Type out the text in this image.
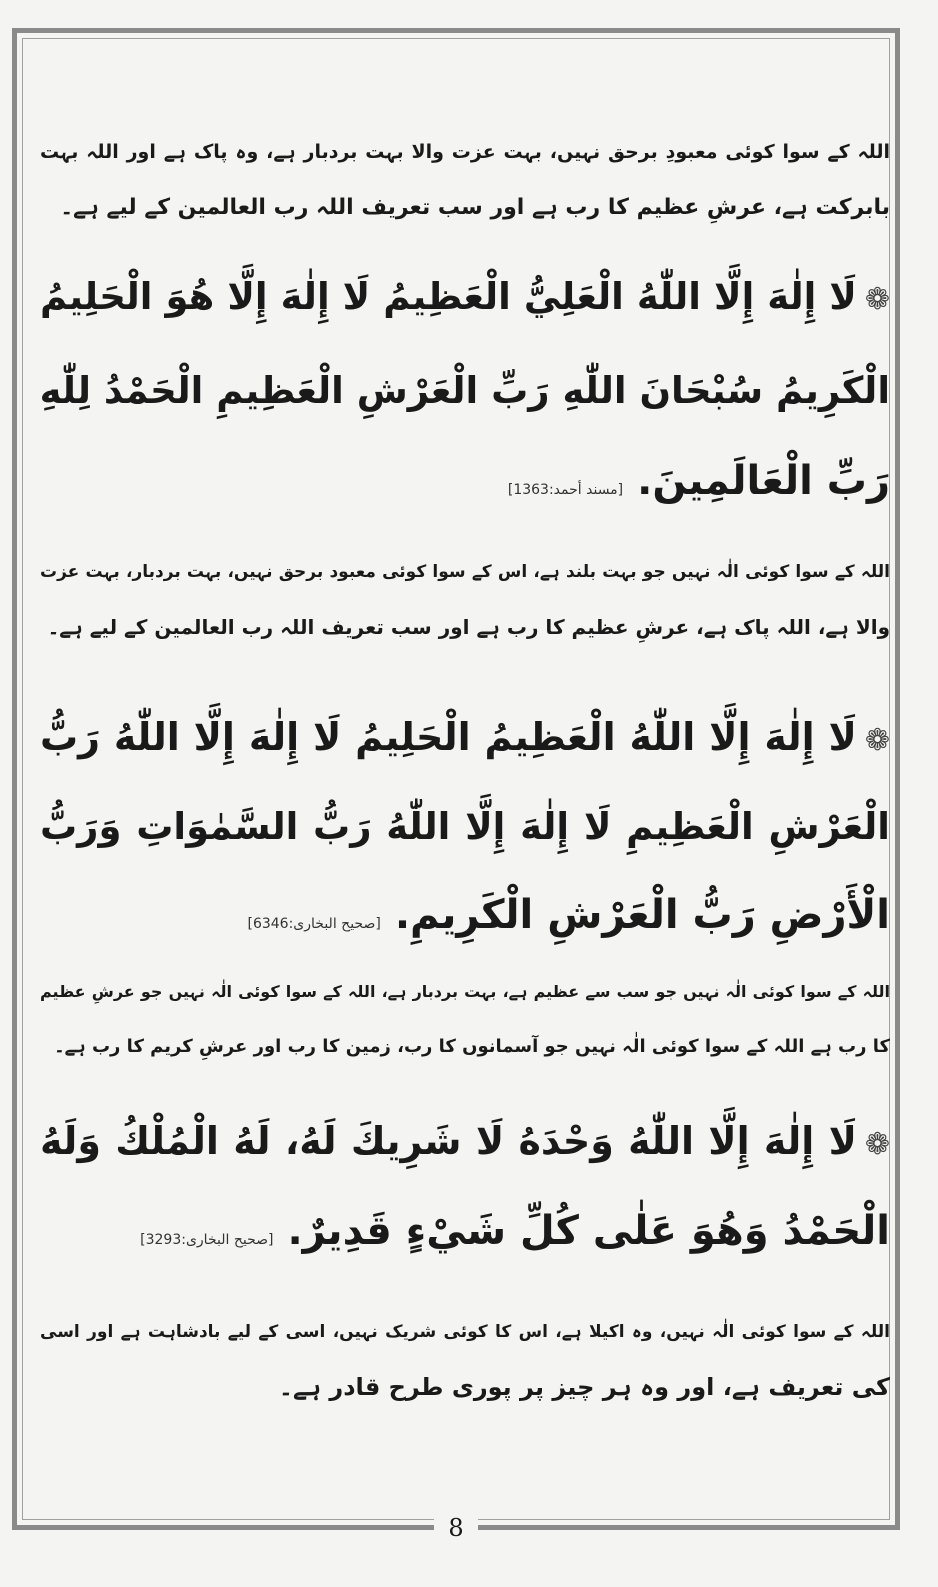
اللہ کے سوا کوئی معبودِ برحق نہیں، بہت عزت والا بہت بردبار ہے، وہ پاک ہے اور اللہ بہت
بابرکت ہے، عرشِ عظیم کا رب ہے اور سب تعریف اللہ رب العالمین کے لیے ہے۔
❁لَا إِلٰهَ إِلَّا اللّٰهُ الْعَلِيُّ الْعَظِيمُ لَا إِلٰهَ إِلَّا هُوَ الْحَلِيمُ
الْكَرِيمُ سُبْحَانَ اللّٰهِ رَبِّ الْعَرْشِ الْعَظِيمِ الْحَمْدُ لِلّٰهِ
رَبِّ الْعَالَمِينَ.[مسند أحمد:1363]
اللہ کے سوا کوئی الٰہ نہیں جو بہت بلند ہے، اس کے سوا کوئی معبود برحق نہیں، بہت بردبار، بہت عزت
والا ہے، اللہ پاک ہے، عرشِ عظیم کا رب ہے اور سب تعریف اللہ رب العالمین کے لیے ہے۔
❁لَا إِلٰهَ إِلَّا اللّٰهُ الْعَظِيمُ الْحَلِيمُ لَا إِلٰهَ إِلَّا اللّٰهُ رَبُّ
الْعَرْشِ الْعَظِيمِ لَا إِلٰهَ إِلَّا اللّٰهُ رَبُّ السَّمٰوَاتِ وَرَبُّ
الْأَرْضِ رَبُّ الْعَرْشِ الْكَرِيمِ.[صحيح البخاری:6346]
اللہ کے سوا کوئی الٰہ نہیں جو سب سے عظیم ہے، بہت بردبار ہے، اللہ کے سوا کوئی الٰہ نہیں جو عرشِ عظیم
کا رب ہے اللہ کے سوا کوئی الٰہ نہیں جو آسمانوں کا رب، زمین کا رب اور عرشِ کریم کا رب ہے۔
❁لَا إِلٰهَ إِلَّا اللّٰهُ وَحْدَهُ لَا شَرِيكَ لَهُ، لَهُ الْمُلْكُ وَلَهُ
الْحَمْدُ وَهُوَ عَلٰى كُلِّ شَيْءٍ قَدِيرٌ.[صحيح البخاری:3293]
اللہ کے سوا کوئی الٰہ نہیں، وہ اکیلا ہے، اس کا کوئی شریک نہیں، اسی کے لیے بادشاہت ہے اور اسی
کی تعریف ہے، اور وہ ہر چیز پر پوری طرح قادر ہے۔
8
